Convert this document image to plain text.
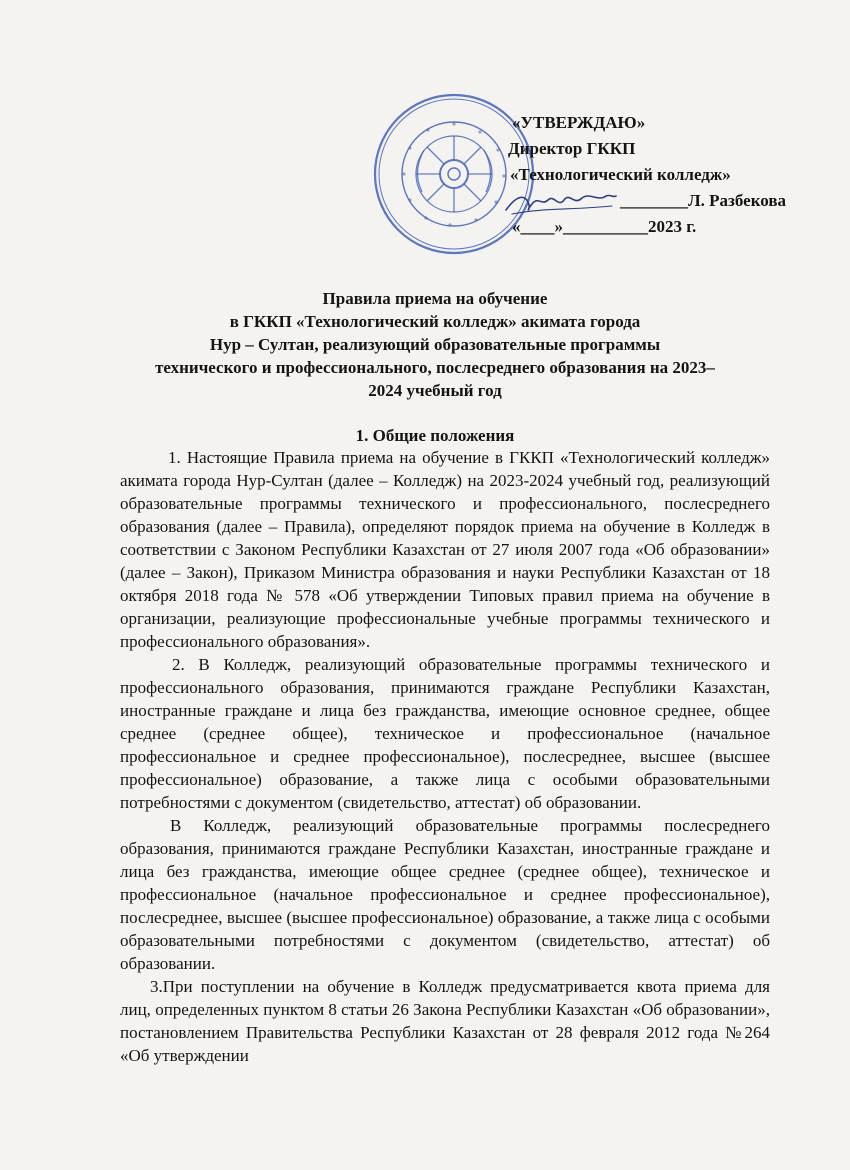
«УТВЕРЖДАЮ»
Директор ГККП
«Технологический колледж»
________Л. Разбекова
«____»__________2023 г.
Правила приема на обучение
в ГККП «Технологический колледж» акимата города
Нур – Султан, реализующий образовательные программы
технического и профессионального, послесреднего образования на 2023–
2024 учебный год
1. Общие положения

1. Настоящие Правила приема на обучение в ГККП «Технологический колледж» акимата города Нур-Султан (далее – Колледж) на 2023-2024 учебный год, реализующий образовательные программы технического и профессионального, послесреднего образования (далее – Правила), определяют порядок приема на обучение в Колледж в соответствии с Законом Республики Казахстан от 27 июля 2007 года «Об образовании» (далее – Закон), Приказом Министра образования и науки Республики Казахстан от 18 октября 2018 года № 578 «Об утверждении Типовых правил приема на обучение в организации, реализующие профессиональные учебные программы технического и профессионального образования».

2. В Колледж, реализующий образовательные программы технического и профессионального образования, принимаются граждане Республики Казахстан, иностранные граждане и лица без гражданства, имеющие основное среднее, общее среднее (среднее общее), техническое и профессиональное (начальное профессиональное и среднее профессиональное), послесреднее, высшее (высшее профессиональное) образование, а также лица с особыми образовательными потребностями с документом (свидетельство, аттестат) об образовании.

В Колледж, реализующий образовательные программы послесреднего образования, принимаются граждане Республики Казахстан, иностранные граждане и лица без гражданства, имеющие общее среднее (среднее общее), техническое и профессиональное (начальное профессиональное и среднее профессиональное), послесреднее, высшее (высшее профессиональное) образование, а также лица с особыми образовательными потребностями с документом (свидетельство, аттестат) об образовании.

3.При поступлении на обучение в Колледж предусматривается квота приема для лиц, определенных пунктом 8 статьи 26 Закона Республики Казахстан «Об образовании», постановлением Правительства Республики Казахстан от 28 февраля 2012 года №264 «Об утверждении
